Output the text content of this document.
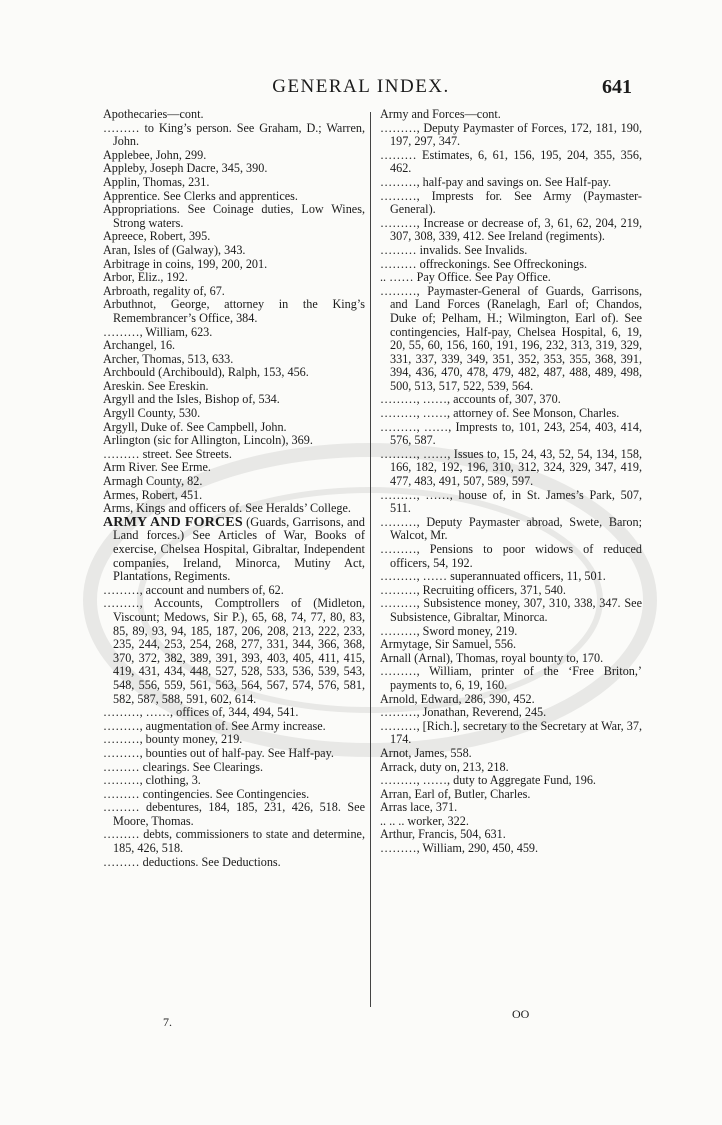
GENERAL INDEX.	641
Apothecaries—cont.
……… to King’s person. See Graham, D.; Warren, John.
Applebee, John, 299.
Appleby, Joseph Dacre, 345, 390.
Applin, Thomas, 231.
Apprentice. See Clerks and apprentices.
Appropriations. See Coinage duties, Low Wines, Strong waters.
Apreece, Robert, 395.
Aran, Isles of (Galway), 343.
Arbitrage in coins, 199, 200, 201.
Arbor, Eliz., 192.
Arbroath, regality of, 67.
Arbuthnot, George, attorney in the King’s Remembrancer’s Office, 384.
………, William, 623.
Archangel, 16.
Archer, Thomas, 513, 633.
Archbould (Archibould), Ralph, 153, 456.
Areskin. See Ereskin.
Argyll and the Isles, Bishop of, 534.
Argyll County, 530.
Argyll, Duke of. See Campbell, John.
Arlington (sic for Allington, Lincoln), 369.
……… street. See Streets.
Arm River. See Erme.
Armagh County, 82.
Armes, Robert, 451.
Arms, Kings and officers of. See Heralds’ College.
ARMY AND FORCES (Guards, Garrisons, and Land forces.) See Articles of War, Books of exercise, Chelsea Hospital, Gibraltar, Independent companies, Ireland, Minorca, Mutiny Act, Plantations, Regiments.
………, account and numbers of, 62.
………, Accounts, Comptrollers of (Midleton, Viscount; Medows, Sir P.), 65, 68, 74, 77, 80, 83, 85, 89, 93, 94, 185, 187, 206, 208, 213, 222, 233, 235, 244, 253, 254, 268, 277, 331, 344, 366, 368, 370, 372, 382, 389, 391, 393, 403, 405, 411, 415, 419, 431, 434, 448, 527, 528, 533, 536, 539, 543, 548, 556, 559, 561, 563, 564, 567, 574, 576, 581, 582, 587, 588, 591, 602, 614.
………, ……, offices of, 344, 494, 541.
………, augmentation of. See Army increase.
………, bounty money, 219.
………, bounties out of half-pay. See Half-pay.
……… clearings. See Clearings.
………, clothing, 3.
……… contingencies. See Contingencies.
……… debentures, 184, 185, 231, 426, 518. See Moore, Thomas.
……… debts, commissioners to state and determine, 185, 426, 518.
……… deductions. See Deductions.
Army and Forces—cont.
………, Deputy Paymaster of Forces, 172, 181, 190, 197, 297, 347.
……… Estimates, 6, 61, 156, 195, 204, 355, 356, 462.
………, half-pay and savings on. See Half-pay.
………, Imprests for. See Army (Paymaster-General).
………, Increase or decrease of, 3, 61, 62, 204, 219, 307, 308, 339, 412. See Ireland (regiments).
……… invalids. See Invalids.
……… offreckonings. See Offreckonings.
.. …… Pay Office. See Pay Office.
………, Paymaster-General of Guards, Garrisons, and Land Forces (Ranelagh, Earl of; Chandos, Duke of; Pelham, H.; Wilmington, Earl of). See contingencies, Half-pay, Chelsea Hospital, 6, 19, 20, 55, 60, 156, 160, 191, 196, 232, 313, 319, 329, 331, 337, 339, 349, 351, 352, 353, 355, 368, 391, 394, 436, 470, 478, 479, 482, 487, 488, 489, 498, 500, 513, 517, 522, 539, 564.
………, ……, accounts of, 307, 370.
………, ……, attorney of. See Monson, Charles.
………, ……, Imprests to, 101, 243, 254, 403, 414, 576, 587.
………, ……, Issues to, 15, 24, 43, 52, 54, 134, 158, 166, 182, 192, 196, 310, 312, 324, 329, 347, 419, 477, 483, 491, 507, 589, 597.
………, ……, house of, in St. James’s Park, 507, 511.
………, Deputy Paymaster abroad, Swete, Baron; Walcot, Mr.
………, Pensions to poor widows of reduced officers, 54, 192.
………, …… superannuated officers, 11, 501.
………, Recruiting officers, 371, 540.
………, Subsistence money, 307, 310, 338, 347. See Subsistence, Gibraltar, Minorca.
………, Sword money, 219.
Armytage, Sir Samuel, 556.
Arnall (Arnal), Thomas, royal bounty to, 170.
………, William, printer of the ‘Free Briton,’ payments to, 6, 19, 160.
Arnold, Edward, 286, 390, 452.
………, Jonathan, Reverend, 245.
………, [Rich.], secretary to the Secretary at War, 37, 174.
Arnot, James, 558.
Arrack, duty on, 213, 218.
………, ……, duty to Aggregate Fund, 196.
Arran, Earl of, Butler, Charles.
Arras lace, 371.
.. .. .. worker, 322.
Arthur, Francis, 504, 631.
………, William, 290, 450, 459.
7.
OO
